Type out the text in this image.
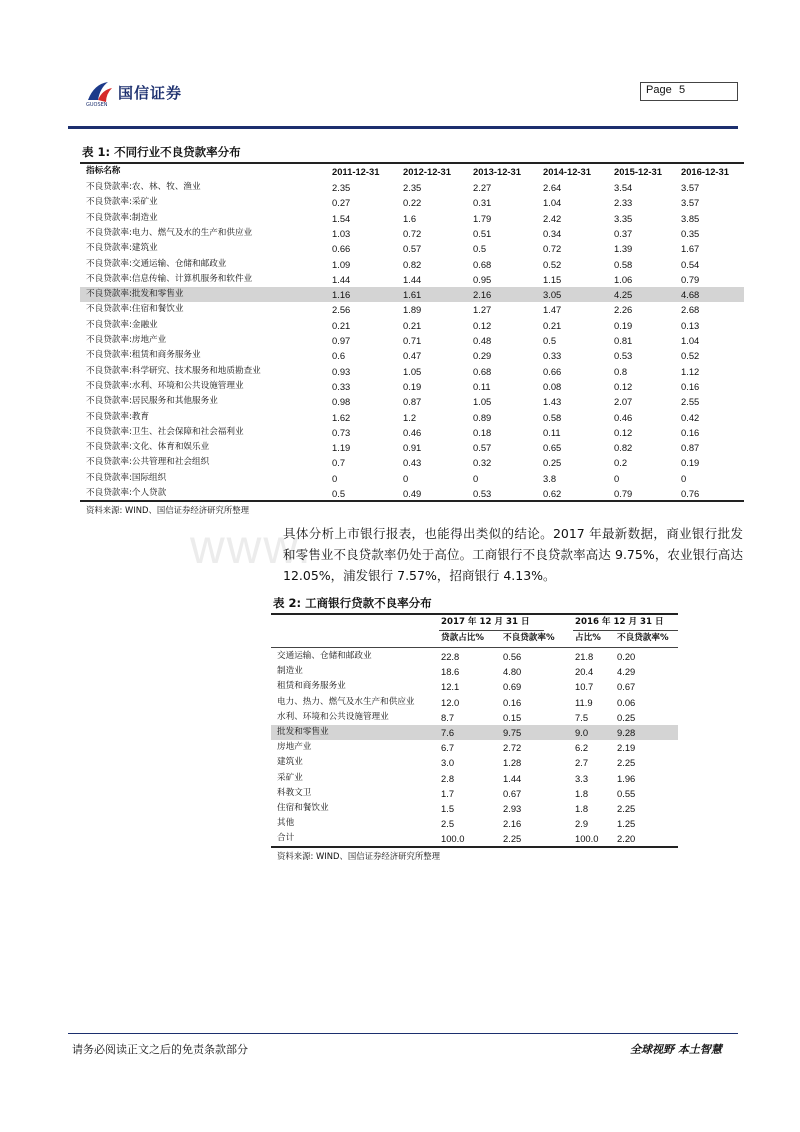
国信证券
GUOSEN
Page 5
www.
表 1: 不同行业不良贷款率分布
指标名称	2011-12-31	2012-12-31 2013-12-31 2014-12-31 2015-12-31 2016-12-31
不良贷款率:农、林、牧、渔业	2.35	2.35	2.27	2.64	3.54	3.57
不良贷款率:采矿业	0.27	0.22	0.31	1.04	2.33	3.57
不良贷款率:制造业	1.54	1.6	1.79	2.42	3.35	3.85
不良贷款率:电力、燃气及水的生产和供应业	1.03	0.72	0.51	0.34	0.37	0.35
不良贷款率:建筑业	0.66	0.57	0.5	0.72	1.39	1.67
不良贷款率:交通运输、仓储和邮政业	1.09	0.82	0.68	0.52	0.58	0.54
不良贷款率:信息传输、计算机服务和软件业	1.44	1.44	0.95	1.15	1.06	0.79
不良贷款率:批发和零售业	1.16	1.61	2.16	3.05	4.25	4.68
不良贷款率:住宿和餐饮业	2.56	1.89	1.27	1.47	2.26	2.68
不良贷款率:金融业	0.21	0.21	0.12	0.21	0.19	0.13
不良贷款率:房地产业	0.97	0.71	0.48	0.5	0.81	1.04
不良贷款率:租赁和商务服务业	0.6	0.47	0.29	0.33	0.53	0.52
不良贷款率:科学研究、技术服务和地质勘查业	0.93	1.05	0.68	0.66	0.8	1.12
不良贷款率:水利、环境和公共设施管理业	0.33	0.19	0.11	0.08	0.12	0.16
不良贷款率:居民服务和其他服务业	0.98	0.87	1.05	1.43	2.07	2.55
不良贷款率:教育	1.62	1.2	0.89	0.58	0.46	0.42
不良贷款率:卫生、社会保障和社会福利业	0.73	0.46	0.18	0.11	0.12	0.16
不良贷款率:文化、体育和娱乐业	1.19	0.91	0.57	0.65	0.82	0.87
不良贷款率:公共管理和社会组织	0.7	0.43	0.32	0.25	0.2	0.19
不良贷款率:国际组织	0	0	0	3.8	0	0
不良贷款率:个人贷款	0.5	0.49	0.53	0.62	0.79	0.76
资料来源: WIND、国信证券经济研究所整理
具体分析上市银行报表，也能得出类似的结论。2017 年最新数据，商业银行批发和零售业不良贷款率仍处于高位。工商银行不良贷款率高达 9.75%，农业银行高达 12.05%，浦发银行 7.57%，招商银行 4.13%。
表 2: 工商银行贷款不良率分布
2017 年 12 月 31 日	2016 年 12 月 31 日
贷款占比% 不良贷款率% 占比% 不良贷款率%
交通运输、仓储和邮政业	22.8	0.56	21.8	0.20
制造业	18.6	4.80	20.4	4.29
租赁和商务服务业	12.1	0.69	10.7	0.67
电力、热力、燃气及水生产和供应业	12.0	0.16	11.9	0.06
水利、环境和公共设施管理业	8.7	0.15	7.5	0.25
批发和零售业	7.6	9.75	9.0	9.28
房地产业	6.7	2.72	6.2	2.19
建筑业	3.0	1.28	2.7	2.25
采矿业	2.8	1.44	3.3	1.96
科教文卫	1.7	0.67	1.8	0.55
住宿和餐饮业	1.5	2.93	1.8	2.25
其他	2.5	2.16	2.9	1.25
合计	100.0	2.25	100.0 2.20
资料来源: WIND、国信证券经济研究所整理
请务必阅读正文之后的免责条款部分	全球视野 本土智慧
